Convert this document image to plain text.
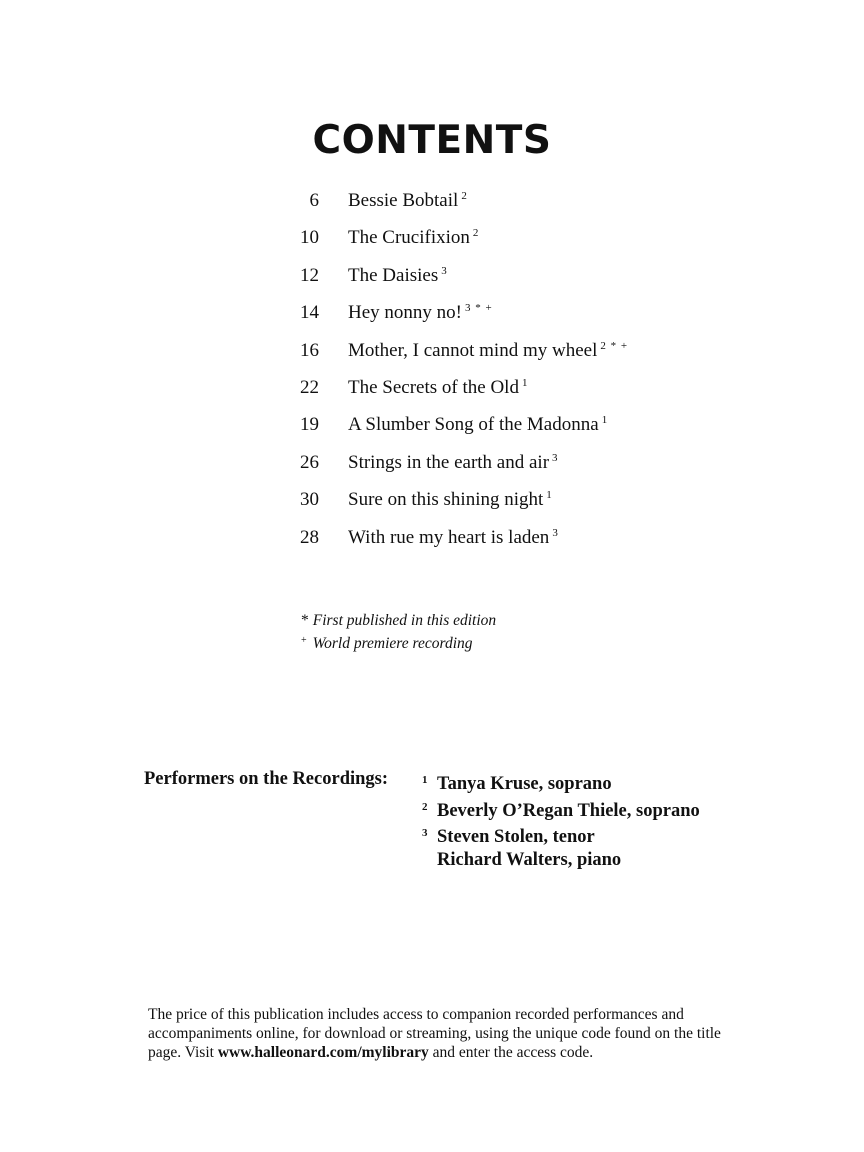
CONTENTS
6 Bessie Bobtail $^2$
10 The Crucifixion $^2$
12 The Daisies $^3$
14 Hey nonny no! $^{3 * +}$
16 Mother, I cannot mind my wheel $^{2 * +}$
22 The Secrets of the Old $^1$
19 A Slumber Song of the Madonna $^1$
26 Strings in the earth and air $^3$
30 Sure on this shining night $^1$
28 With rue my heart is laden $^3$
* First published in this edition
+ World premiere recording
Performers on the Recordings:	1 Tanya Kruse, soprano
2 Beverly O’Regan Thiele, soprano
3 Steven Stolen, tenor
Richard Walters, piano
The price of this publication includes access to companion recorded performances and accompaniments online, for download or streaming, using the unique code found on the title page. Visit www.halleonard.com/mylibrary and enter the access code.
